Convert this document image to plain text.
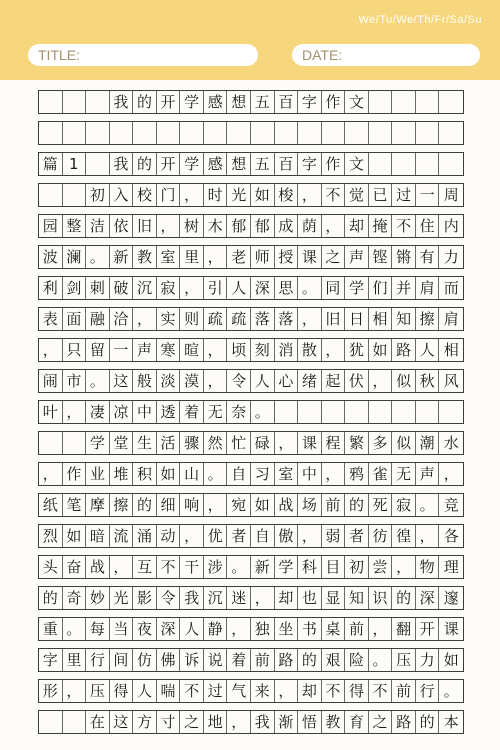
We/Tu/We/Th/Fr/Sa/Su
TITLE:	DATE:
我 的 开 学 感 想 五 百 字 作 文
篇 1	我 的 开 学 感 想 五 百 字 作 文
初 入 校 门 ， 时 光 如 梭 ， 不 觉 已 过 一 周
园 整 洁 依 旧 ， 树 木 郁 郁 成 荫 ， 却 掩 不 住 内
波 澜 。 新 教 室 里 ， 老 师 授 课 之 声 铿 锵 有 力
利 剑 刺 破 沉 寂 ， 引 人 深 思 。 同 学 们 并 肩 而
表 面 融 洽 ， 实 则 疏 疏 落 落 ， 旧 日 相 知 擦 肩
， 只 留 一 声 寒 暄 ， 顷 刻 消 散 ， 犹 如 路 人 相
闹 市 。 这 般 淡 漠 ， 令 人 心 绪 起 伏 ， 似 秋 风
叶 ， 凄 凉 中 透 着 无 奈 。
学 堂 生 活 骤 然 忙 碌 ， 课 程 繁 多 似 潮 水
， 作 业 堆 积 如 山 。 自 习 室 中 ， 鸦 雀 无 声 ，
纸 笔 摩 擦 的 细 响 ， 宛 如 战 场 前 的 死 寂 。 竞
烈 如 暗 流 涌 动 ， 优 者 自 傲 ， 弱 者 彷 徨 ， 各
头 奋 战 ， 互 不 干 涉 。 新 学 科 目 初 尝 ， 物 理
的 奇 妙 光 影 令 我 沉 迷 ， 却 也 显 知 识 的 深 邃
重 。 每 当 夜 深 人 静 ， 独 坐 书 桌 前 ， 翻 开 课
字 里 行 间 仿 佛 诉 说 着 前 路 的 艰 险 。 压 力 如
形 ， 压 得 人 喘 不 过 气 来 ， 却 不 得 不 前 行 。
在 这 方 寸 之 地 ， 我 渐 悟 教 育 之 路 的 本
